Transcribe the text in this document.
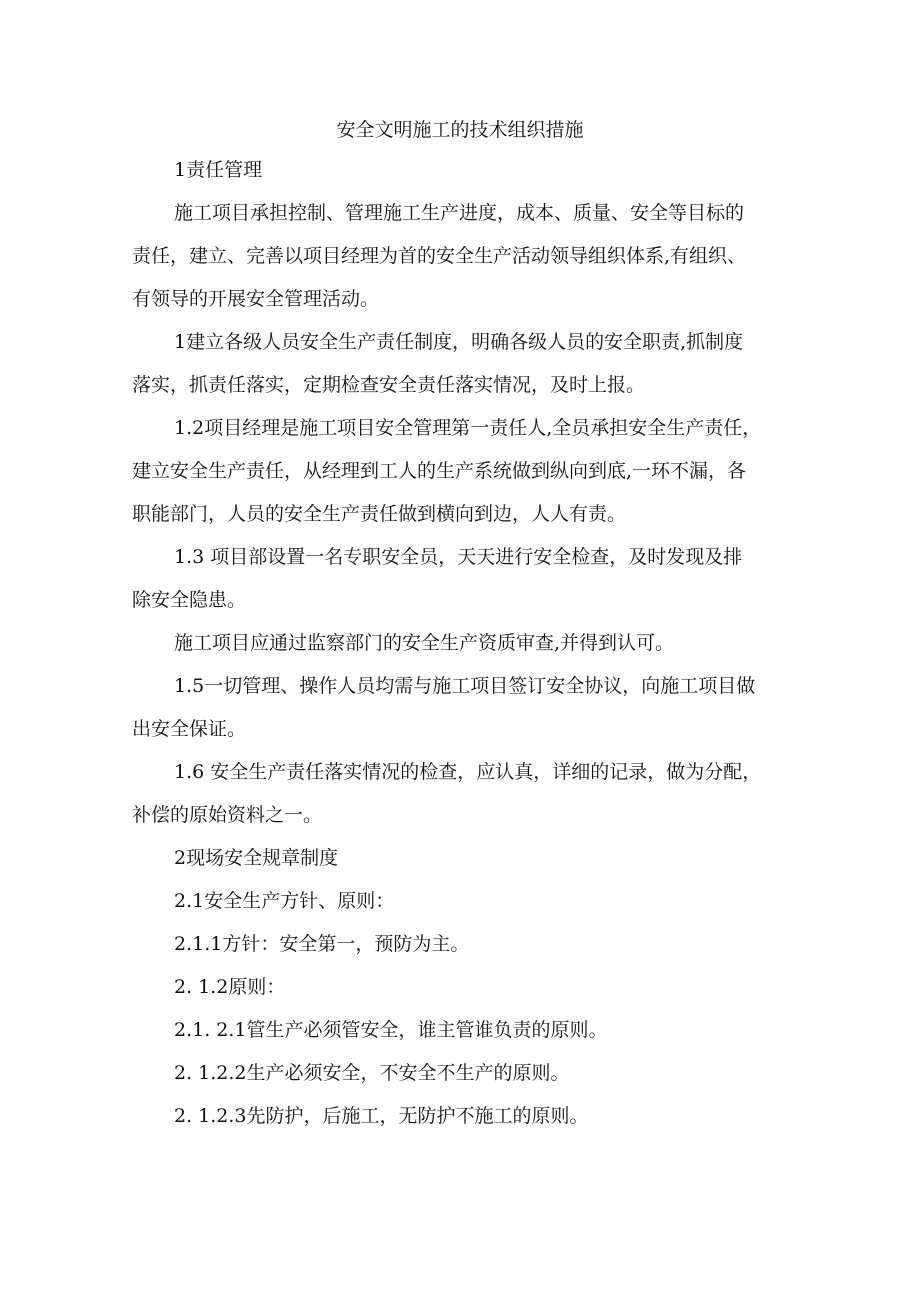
安全文明施工的技术组织措施
1责任管理
施工项目承担控制、管理施工生产进度，成本、质量、安全等目标的
责任，建立、完善以项目经理为首的安全生产活动领导组织体系,有组织、
有领导的开展安全管理活动。
1建立各级人员安全生产责任制度，明确各级人员的安全职责,抓制度
落实，抓责任落实，定期检查安全责任落实情况，及时上报。
1.2项目经理是施工项目安全管理第一责任人,全员承担安全生产责任，
建立安全生产责任，从经理到工人的生产系统做到纵向到底,一环不漏，各
职能部门，人员的安全生产责任做到横向到边，人人有责。
1.3 项目部设置一名专职安全员，天天进行安全检查，及时发现及排
除安全隐患。
施工项目应通过监察部门的安全生产资质审查,并得到认可。
1.5一切管理、操作人员均需与施工项目签订安全协议，向施工项目做
出安全保证。
1.6 安全生产责任落实情况的检查，应认真，详细的记录，做为分配，
补偿的原始资料之一。
2现场安全规章制度
2.1安全生产方针、原则：
2.1.1方针：安全第一，预防为主。
2. 1.2原则：
2.1. 2.1管生产必须管安全，谁主管谁负责的原则。
2. 1.2.2生产必须安全，不安全不生产的原则。
2. 1.2.3先防护，后施工，无防护不施工的原则。
